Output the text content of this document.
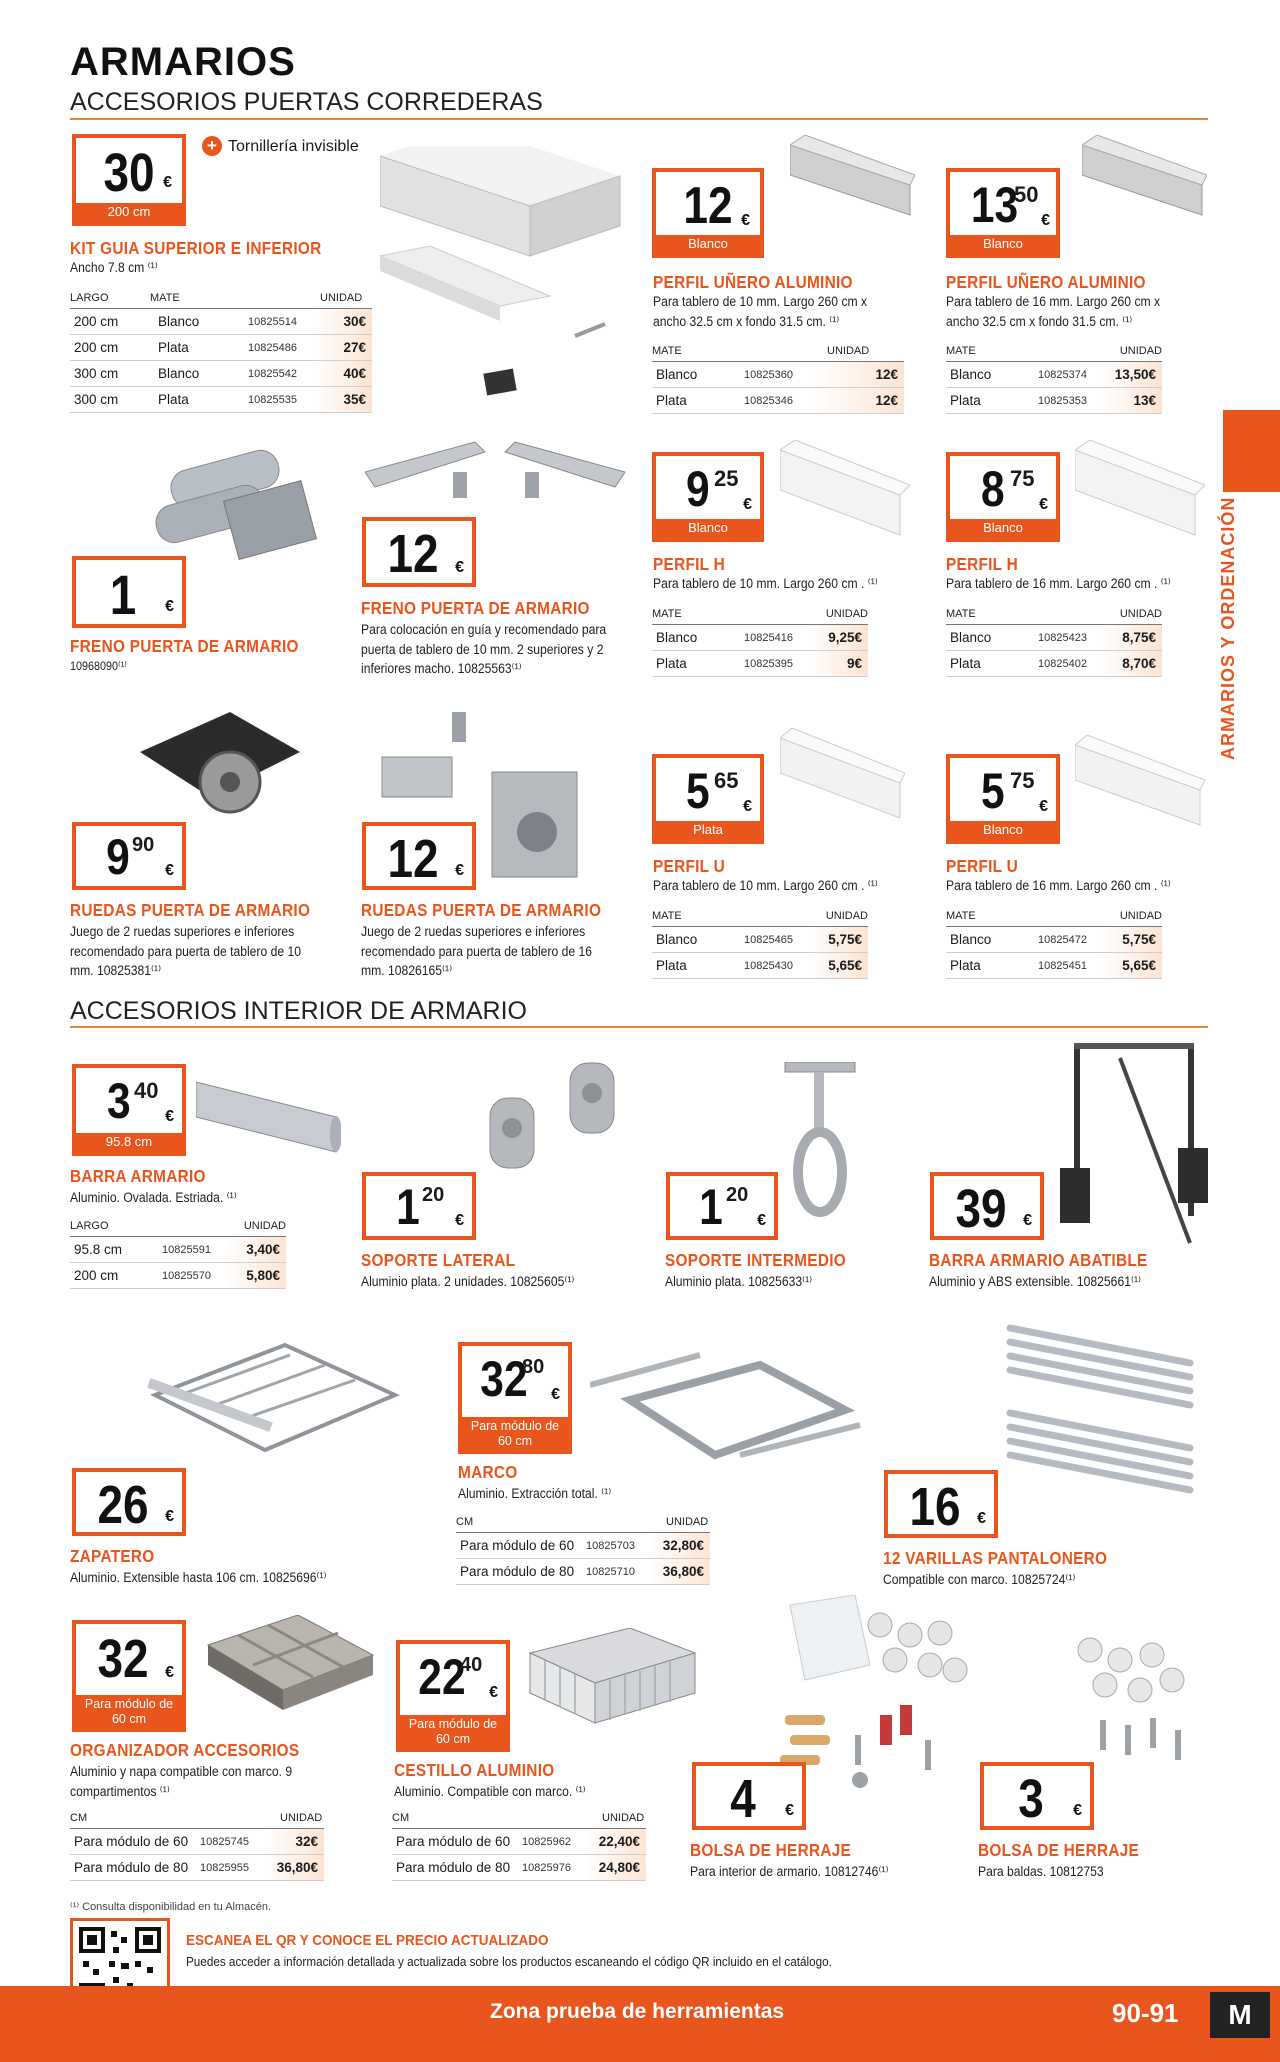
ARMARIOS
ACCESORIOS PUERTAS CORREDERAS
ARMARIOS Y ORDENACIÓN
30 €
200 cm
+ Tornillería invisible
KIT GUIA SUPERIOR E INFERIOR
Ancho 7.8 cm ⁽¹⁾
LARGO	MATE	UNIDAD
200 cm	Blanco	10825514	30€
200 cm	Plata	10825486	27€
300 cm	Blanco	10825542	40€
300 cm	Plata	10825535	35€
12 €
Blanco
PERFIL UÑERO ALUMINIO
Para tablero de 10 mm. Largo 260 cm x ancho 32.5 cm x fondo 31.5 cm. ⁽¹⁾
MATE	UNIDAD
Blanco	10825360	12€
Plata	10825346	12€
13
50
€
Blanco
PERFIL UÑERO ALUMINIO
Para tablero de 16 mm. Largo 260 cm x ancho 32.5 cm x fondo 31.5 cm. ⁽¹⁾
MATE	UNIDAD
Blanco	10825374	13,50€
Plata	10825353	13€
1	€
FRENO PUERTA DE ARMARIO
10968090⁽¹⁾
12	€
FRENO PUERTA DE ARMARIO
Para colocación en guía y recomendado para puerta de tablero de 10 mm. 2 superiores y 2 inferiores macho. 10825563⁽¹⁾
9 25
€
Blanco
PERFIL H
Para tablero de 10 mm. Largo 260 cm . ⁽¹⁾
MATE	UNIDAD
Blanco	10825416	9,25€
Plata	10825395	9€
8 75
€
Blanco
PERFIL H
Para tablero de 16 mm. Largo 260 cm . ⁽¹⁾
MATE	UNIDAD
Blanco	10825423	8,75€
Plata	10825402	8,70€
9 90
€
RUEDAS PUERTA DE ARMARIO
Juego de 2 ruedas superiores e inferiores recomendado para puerta de tablero de 10 mm. 10825381⁽¹⁾
12	€
RUEDAS PUERTA DE ARMARIO
Juego de 2 ruedas superiores e inferiores recomendado para puerta de tablero de 16 mm. 10826165⁽¹⁾
5 65
€
Plata
PERFIL U
Para tablero de 10 mm. Largo 260 cm . ⁽¹⁾
MATE	UNIDAD
Blanco	10825465	5,75€
Plata	10825430	5,65€
5 75
€
Blanco
PERFIL U
Para tablero de 16 mm. Largo 260 cm . ⁽¹⁾
MATE	UNIDAD
Blanco	10825472	5,75€
Plata	10825451	5,65€
ACCESORIOS INTERIOR DE ARMARIO
3 40
€
95.8 cm
BARRA ARMARIO
Aluminio. Ovalada. Estriada. ⁽¹⁾
LARGO	UNIDAD
95.8 cm	10825591	3,40€
200 cm	10825570	5,80€
1 20
€
SOPORTE LATERAL
Aluminio plata. 2 unidades. 10825605⁽¹⁾
1 20
€
SOPORTE INTERMEDIO
Aluminio plata. 10825633⁽¹⁾
39	€
BARRA ARMARIO ABATIBLE
Aluminio y ABS extensible. 10825661⁽¹⁾
26	€
ZAPATERO
Aluminio. Extensible hasta 106 cm. 10825696⁽¹⁾
32
80
€
Para módulo de 60 cm
MARCO
Aluminio. Extracción total. ⁽¹⁾
CM	UNIDAD
Para módulo de 60	10825703	32,80€
Para módulo de 80	10825710	36,80€
16	€
12 VARILLAS PANTALONERO
Compatible con marco. 10825724⁽¹⁾
32	€
Para módulo de 60 cm
ORGANIZADOR ACCESORIOS
Aluminio y napa compatible con marco. 9 compartimentos ⁽¹⁾
CM	UNIDAD
Para módulo de 60	10825745	32€
Para módulo de 80	10825955	36,80€
22
40
€
Para módulo de 60 cm
CESTILLO ALUMINIO
Aluminio. Compatible con marco. ⁽¹⁾
CM	UNIDAD
Para módulo de 60	10825962	22,40€
Para módulo de 80	10825976	24,80€
4	€
BOLSA DE HERRAJE
Para interior de armario. 10812746⁽¹⁾
3	€
BOLSA DE HERRAJE
Para baldas. 10812753
⁽¹⁾ Consulta disponibilidad en tu Almacén.
ESCANEA EL QR Y CONOCE EL PRECIO ACTUALIZADO
Puedes acceder a información detallada y actualizada sobre los productos escaneando el código QR incluido en el catálogo.
Zona prueba de herramientas	90-91	M
